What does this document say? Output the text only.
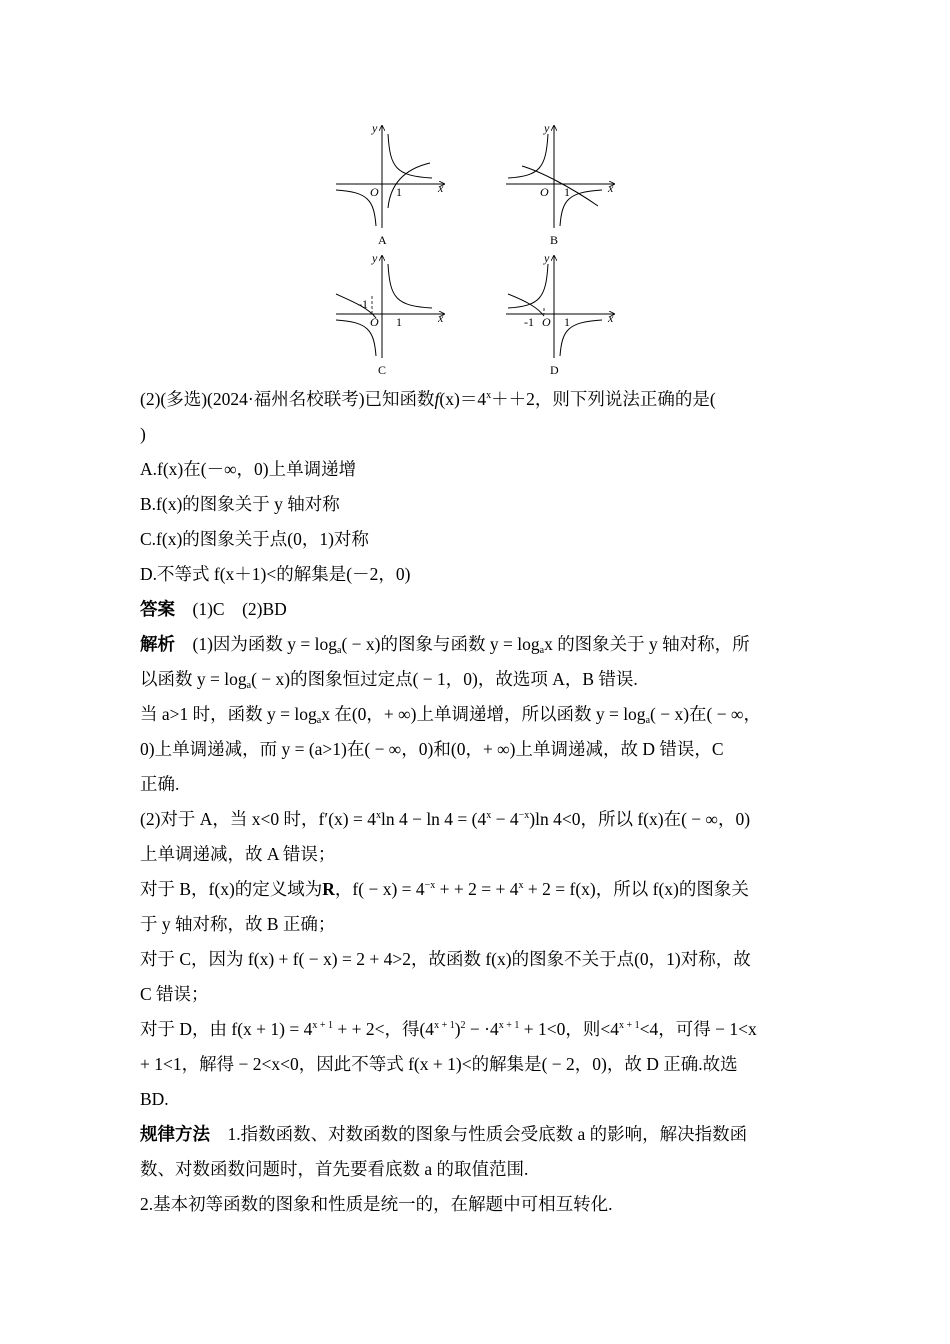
y
x
O 1
A
y
x
O 1
B
y
x
O 1
-1
C
y
x
O 1
-1
D
(2)(多选)(2024·福州名校联考)已知函数$f(x)=4^x++2$，则下列说法正确的是(
)
A.f(x)在(－∞，0)上单调递增
B.f(x)的图象关于 y 轴对称
C.f(x)的图象关于点(0，1)对称
D.不等式 f(x＋1)<的解集是(－2，0)
答案　 (1)C　(2)BD
解析　 (1)因为函数 $y = \log_a( - x)$的图象与函数 $y = \log_ax$ 的图象关于 y 轴对称，所
以函数 $y = \log_a( - x)$的图象恒过定点( − 1，0)，故选项 A，B 错误.
当 a>1 时，函数 $y = \log_ax$ 在(0，+ ∞)上单调递增，所以函数 $y = \log_a( - x)$在( − ∞，
0)上单调递减，而 y = (a>1)在( − ∞，0)和(0，+ ∞)上单调递减，故 D 错误，C
正确.
(2)对于 A，当 x<0 时，$f'(x) = 4^x\ln$ $4 - \ln 4 = (4^x - 4^{-x})\ln$ 4<0，所以 f(x)在( − ∞，0)
上单调递减，故 A 错误；
对于 B，f(x)的定义域为R，$f( - x) = 4^{-x}$ + + 2 = + $4^x + 2 = f(x)$，所以 f(x)的图象关
于 y 轴对称，故 B 正确；
对于 C，因为 f(x) + f( − x) = 2 + 4>2，故函数 f(x)的图象不关于点(0，1)对称，故
C 错误；
对于 D，由 $f(x + 1) = 4^{x + 1}$ + + 2<，得$(4^{x + 1})^2 - \cdot 4^{x + 1} + 1<0$，则$<4^{x + 1}<4$，可得 − 1<x
+ 1<1，解得 − 2<x<0，因此不等式 f(x + 1)<的解集是( − 2，0)，故 D 正确.故选
BD.
规律方法　 1.指数函数、对数函数的图象与性质会受底数 a 的影响，解决指数函
数、对数函数问题时，首先要看底数 a 的取值范围.
2.基本初等函数的图象和性质是统一的，在解题中可相互转化.
